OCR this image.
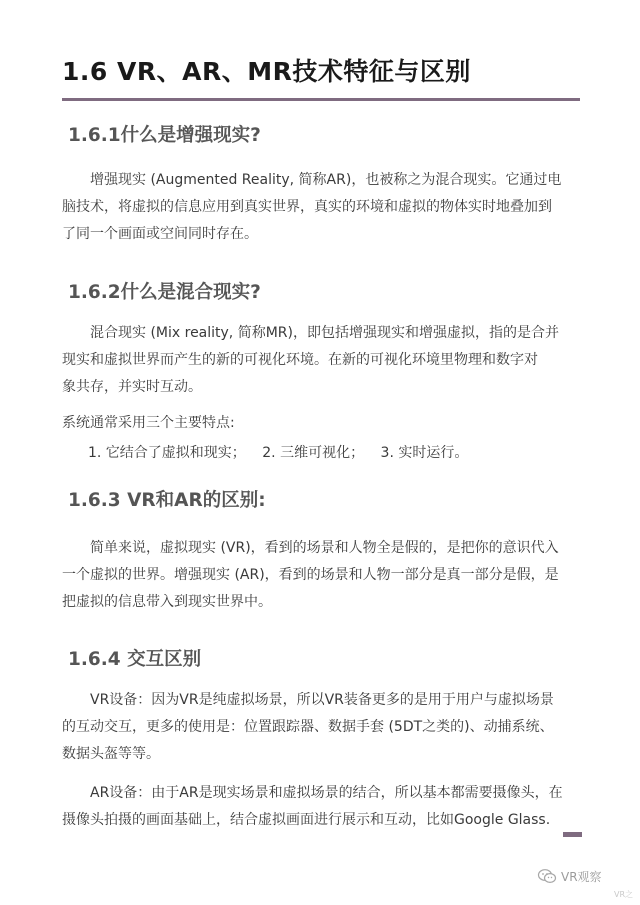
1.6 VR、AR、MR技术特征与区别
1.6.1什么是增强现实?
增强现实 (Augmented Reality, 简称AR)，也被称之为混合现实。它通过电
脑技术，将虚拟的信息应用到真实世界，真实的环境和虚拟的物体实时地叠加到
了同一个画面或空间同时存在。
1.6.2什么是混合现实?
混合现实 (Mix reality, 简称MR)，即包括增强现实和增强虚拟，指的是合并
现实和虚拟世界而产生的新的可视化环境。在新的可视化环境里物理和数字对
象共存，并实时互动。
系统通常采用三个主要特点:
1. 它结合了虚拟和现实； 2. 三维可视化； 3. 实时运行。
1.6.3 VR和AR的区别:
简单来说，虚拟现实 (VR)，看到的场景和人物全是假的，是把你的意识代入
一个虚拟的世界。增强现实 (AR)，看到的场景和人物一部分是真一部分是假，是
把虚拟的信息带入到现实世界中。
1.6.4 交互区别
VR设备：因为VR是纯虚拟场景，所以VR装备更多的是用于用户与虚拟场景
的互动交互，更多的使用是：位置跟踪器、数据手套 (5DT之类的)、动捕系统、
数据头盔等等。
AR设备：由于AR是现实场景和虚拟场景的结合，所以基本都需要摄像头，在
摄像头拍摄的画面基础上，结合虚拟画面进行展示和互动，比如Google Glass.
VR观察
VR之
